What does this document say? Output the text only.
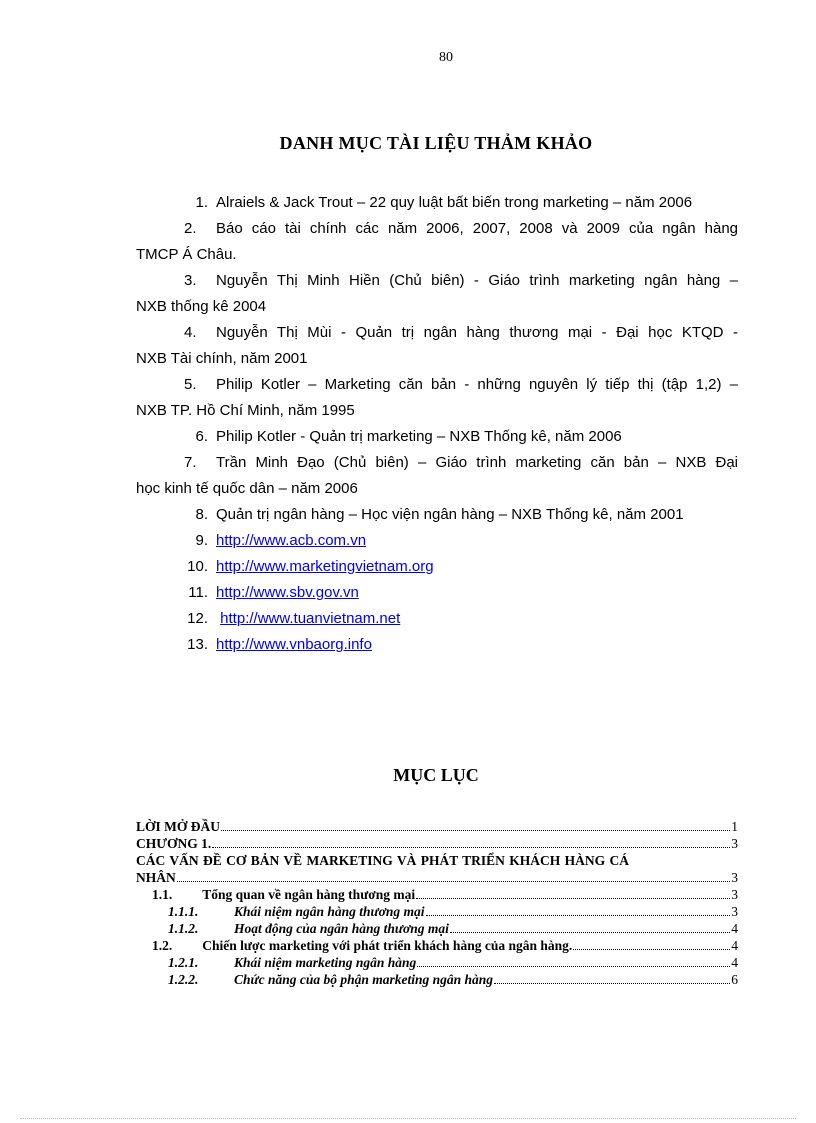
80
DANH MỤC TÀI LIỆU THẢM KHẢO
1. Alraiels & Jack Trout – 22 quy luật bất biến trong marketing – năm 2006
2. Báo cáo tài chính các năm 2006, 2007, 2008 và 2009 của ngân hàng
TMCP Á Châu.
3. Nguyễn Thị Minh Hiền (Chủ biên) - Giáo trình marketing ngân hàng –
NXB thống kê 2004
4. Nguyễn Thị Mùi - Quản trị ngân hàng thương mại - Đại học KTQD -
NXB Tài chính, năm 2001
5. Philip Kotler – Marketing căn bản - những nguyên lý tiếp thị (tập 1,2) –
NXB TP. Hồ Chí Minh, năm 1995
6. Philip Kotler - Quản trị marketing – NXB Thống kê, năm 2006
7. Trần Minh Đạo (Chủ biên) – Giáo trình marketing căn bản – NXB Đại
học kinh tế quốc dân – năm 2006
8. Quản trị ngân hàng – Học viện ngân hàng – NXB Thống kê, năm 2001
9. http://www.acb.com.vn
10. http://www.marketingvietnam.org
11. http://www.sbv.gov.vn
12. http://www.tuanvietnam.net
13. http://www.vnbaorg.info
MỤC LỤC
LỜI MỞ ĐẦU	1
CHƯƠNG 1.	3
CÁC VẤN ĐỀ CƠ BẢN VỀ MARKETING VÀ PHÁT TRIỂN KHÁCH HÀNG CÁ
NHÂN	3
1.1.	Tổng quan về ngân hàng thương mại	3
1.1.1.	Khái niệm ngân hàng thương mại	3
1.1.2.	Hoạt động của ngân hàng thương mại	4
1.2.	Chiến lược marketing với phát triển khách hàng của ngân hàng.	4
1.2.1.	Khái niệm marketing ngân hàng	4
1.2.2.	Chức năng của bộ phận marketing ngân hàng	6
